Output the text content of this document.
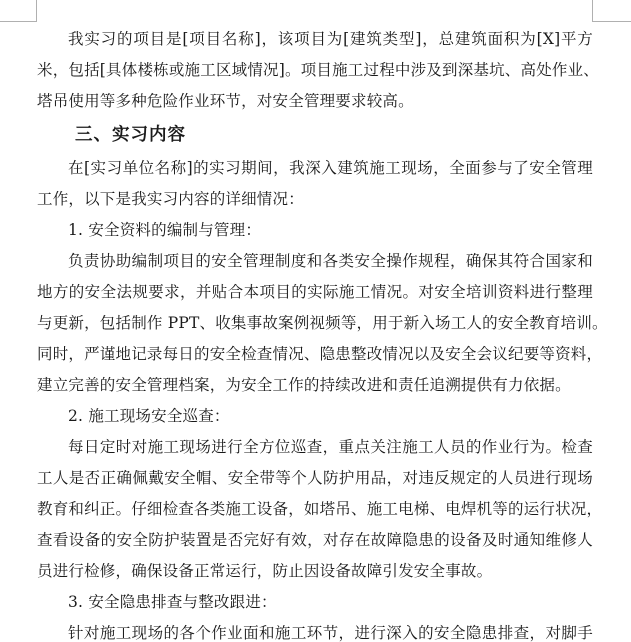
我实习的项目是[项目名称]，该项目为[建筑类型]，总建筑面积为[X]平方
米，包括[具体楼栋或施工区域情况]。项目施工过程中涉及到深基坑、高处作业、
塔吊使用等多种危险作业环节，对安全管理要求较高。
三、实习内容
在[实习单位名称]的实习期间，我深入建筑施工现场，全面参与了安全管理
工作，以下是我实习内容的详细情况：
1. 安全资料的编制与管理：
负责协助编制项目的安全管理制度和各类安全操作规程，确保其符合国家和
地方的安全法规要求，并贴合本项目的实际施工情况。对安全培训资料进行整理
与更新，包括制作 PPT、收集事故案例视频等，用于新入场工人的安全教育培训。
同时，严谨地记录每日的安全检查情况、隐患整改情况以及安全会议纪要等资料，
建立完善的安全管理档案，为安全工作的持续改进和责任追溯提供有力依据。
2. 施工现场安全巡查：
每日定时对施工现场进行全方位巡查，重点关注施工人员的作业行为。检查
工人是否正确佩戴安全帽、安全带等个人防护用品，对违反规定的人员进行现场
教育和纠正。仔细检查各类施工设备，如塔吊、施工电梯、电焊机等的运行状况，
查看设备的安全防护装置是否完好有效，对存在故障隐患的设备及时通知维修人
员进行检修，确保设备正常运行，防止因设备故障引发安全事故。
3. 安全隐患排查与整改跟进：
针对施工现场的各个作业面和施工环节，进行深入的安全隐患排查，对脚手
